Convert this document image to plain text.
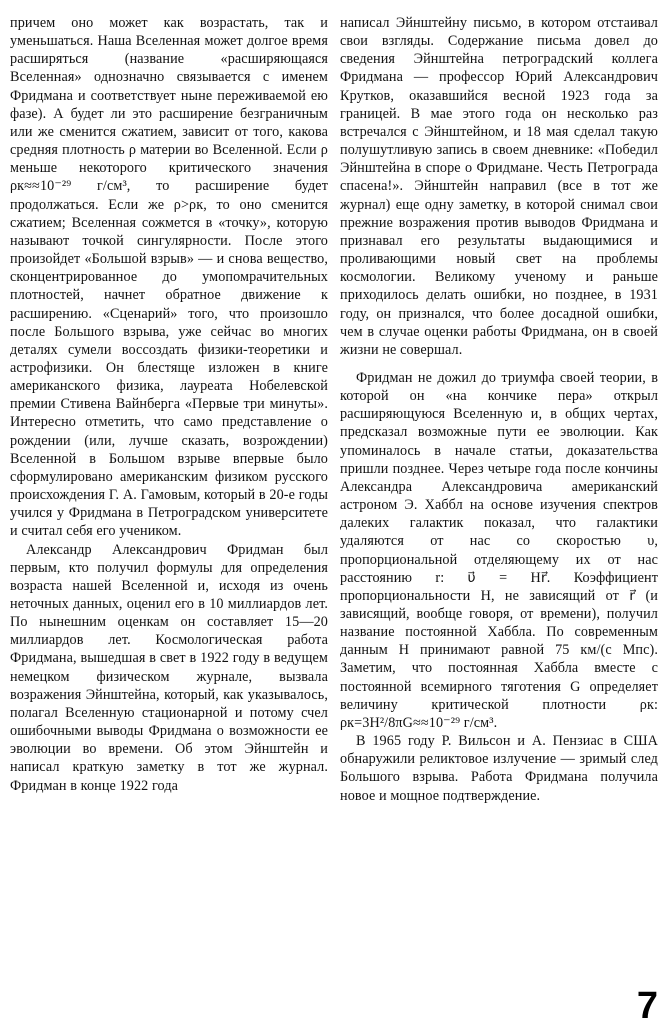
причем оно может как возрастать, так и уменьшаться. Наша Вселенная может долгое время расширяться (название «расширяющаяся Вселенная» однозначно связывается с именем Фридмана и соответствует ныне переживаемой ею фазе). А будет ли это расширение безграничным или же сменится сжатием, зависит от того, какова средняя плотность ρ материи во Вселенной. Если ρ меньше некоторого критического значения ρк≈≈10⁻²⁹ г/см³, то расширение будет продолжаться. Если же ρ>ρк, то оно сменится сжатием; Вселенная сожмется в «точку», которую называют точкой сингулярности. После этого произойдет «Большой взрыв» — и снова вещество, сконцентрированное до умопомрачительных плотностей, начнет обратное движение к расширению. «Сценарий» того, что произошло после Большого взрыва, уже сейчас во многих деталях сумели воссоздать физики-теоретики и астрофизики. Он блестяще изложен в книге американского физика, лауреата Нобелевской премии Стивена Вайнберга «Первые три минуты». Интересно отметить, что само представление о рождении (или, лучше сказать, возрождении) Вселенной в Большом взрыве впервые было сформулировано американским физиком русского происхождения Г. А. Гамовым, который в 20-е годы учился у Фридмана в Петроградском университете и считал себя его учеником.

Александр Александрович Фридман был первым, кто получил формулы для определения возраста нашей Вселенной и, исходя из очень неточных данных, оценил его в 10 миллиардов лет. По нынешним оценкам он составляет 15—20 миллиардов лет. Космологическая работа Фридмана, вышедшая в свет в 1922 году в ведущем немецком физическом журнале, вызвала возражения Эйнштейна, который, как указывалось, полагал Вселенную стационарной и потому счел ошибочными выводы Фридмана о возможности ее эволюции во времени. Об этом Эйнштейн и написал краткую заметку в тот же журнал. Фридман в конце 1922 года

написал Эйнштейну письмо, в котором отстаивал свои взгляды. Содержание письма довел до сведения Эйнштейна петроградский коллега Фридмана — профессор Юрий Александрович Крутков, оказавшийся весной 1923 года за границей. В мае этого года он несколько раз встречался с Эйнштейном, и 18 мая сделал такую полушутливую запись в своем дневнике: «Победил Эйнштейна в споре о Фридмане. Честь Петрограда спасена!». Эйнштейн направил (все в тот же журнал) еще одну заметку, в которой снимал свои прежние возражения против выводов Фридмана и признавал его результаты выдающимися и проливающими новый свет на проблемы космологии. Великому ученому и раньше приходилось делать ошибки, но позднее, в 1931 году, он признался, что более досадной ошибки, чем в случае оценки работы Фридмана, он в своей жизни не совершал.

Фридман не дожил до триумфа своей теории, в которой он «на кончике пера» открыл расширяющуюся Вселенную и, в общих чертах, предсказал возможные пути ее эволюции. Как упоминалось в начале статьи, доказательства пришли позднее. Через четыре года после кончины Александра Александровича американский астроном Э. Хаббл на основе изучения спектров далеких галактик показал, что галактики удаляются от нас со скоростью υ, пропорциональной отделяющему их от нас расстоянию r: υ⃗ = Hr⃗. Коэффициент пропорциональности H, не зависящий от r⃗ (и зависящий, вообще говоря, от времени), получил название постоянной Хаббла. По современным данным H принимают равной 75 км/(с Мпс). Заметим, что постоянная Хаббла вместе с постоянной всемирного тяготения G определяет величину критической плотности ρк: ρк=3H²/8πG≈≈10⁻²⁹ г/см³.

В 1965 году Р. Вильсон и А. Пензиас в США обнаружили реликтовое излучение — зримый след Большого взрыва. Работа Фридмана получила новое и мощное подтверждение.

7
